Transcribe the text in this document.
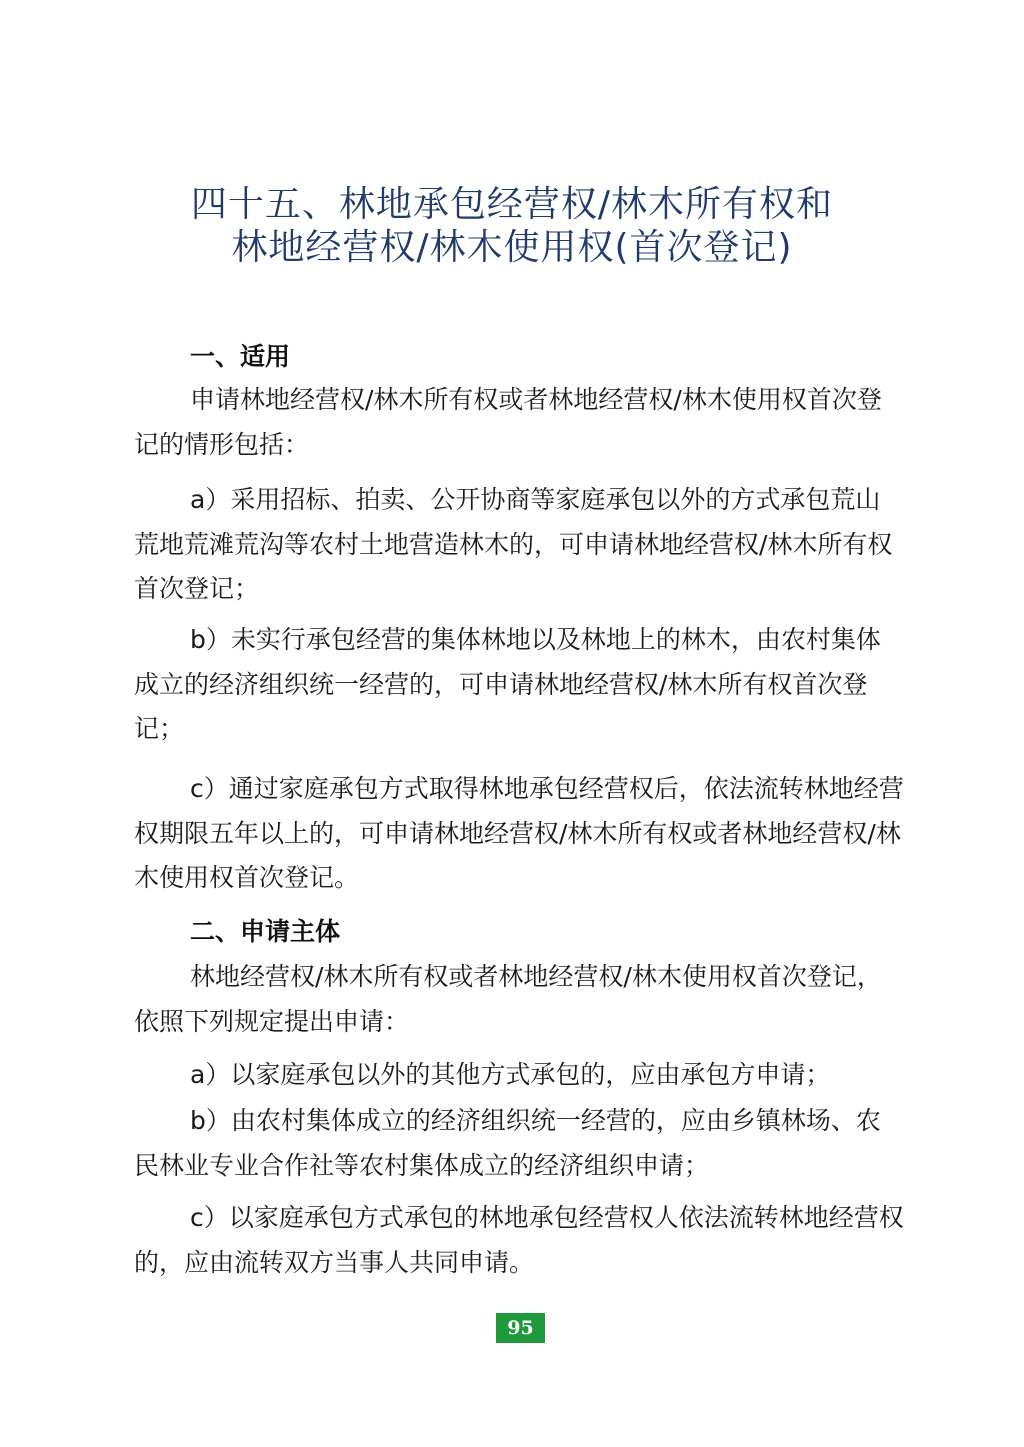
四十五、林地承包经营权/林木所有权和
林地经营权/林木使用权(首次登记)
一、适用
申请林地经营权/林木所有权或者林地经营权/林木使用权首次登记的情形包括：
a）采用招标、拍卖、公开协商等家庭承包以外的方式承包荒山荒地荒滩荒沟等农村土地营造林木的，可申请林地经营权/林木所有权首次登记；
b）未实行承包经营的集体林地以及林地上的林木，由农村集体成立的经济组织统一经营的，可申请林地经营权/林木所有权首次登记；
c）通过家庭承包方式取得林地承包经营权后，依法流转林地经营权期限五年以上的，可申请林地经营权/林木所有权或者林地经营权/林木使用权首次登记。
二、申请主体
林地经营权/林木所有权或者林地经营权/林木使用权首次登记，依照下列规定提出申请：
a）以家庭承包以外的其他方式承包的，应由承包方申请；
b）由农村集体成立的经济组织统一经营的，应由乡镇林场、农民林业专业合作社等农村集体成立的经济组织申请；
c）以家庭承包方式承包的林地承包经营权人依法流转林地经营权的，应由流转双方当事人共同申请。
95
